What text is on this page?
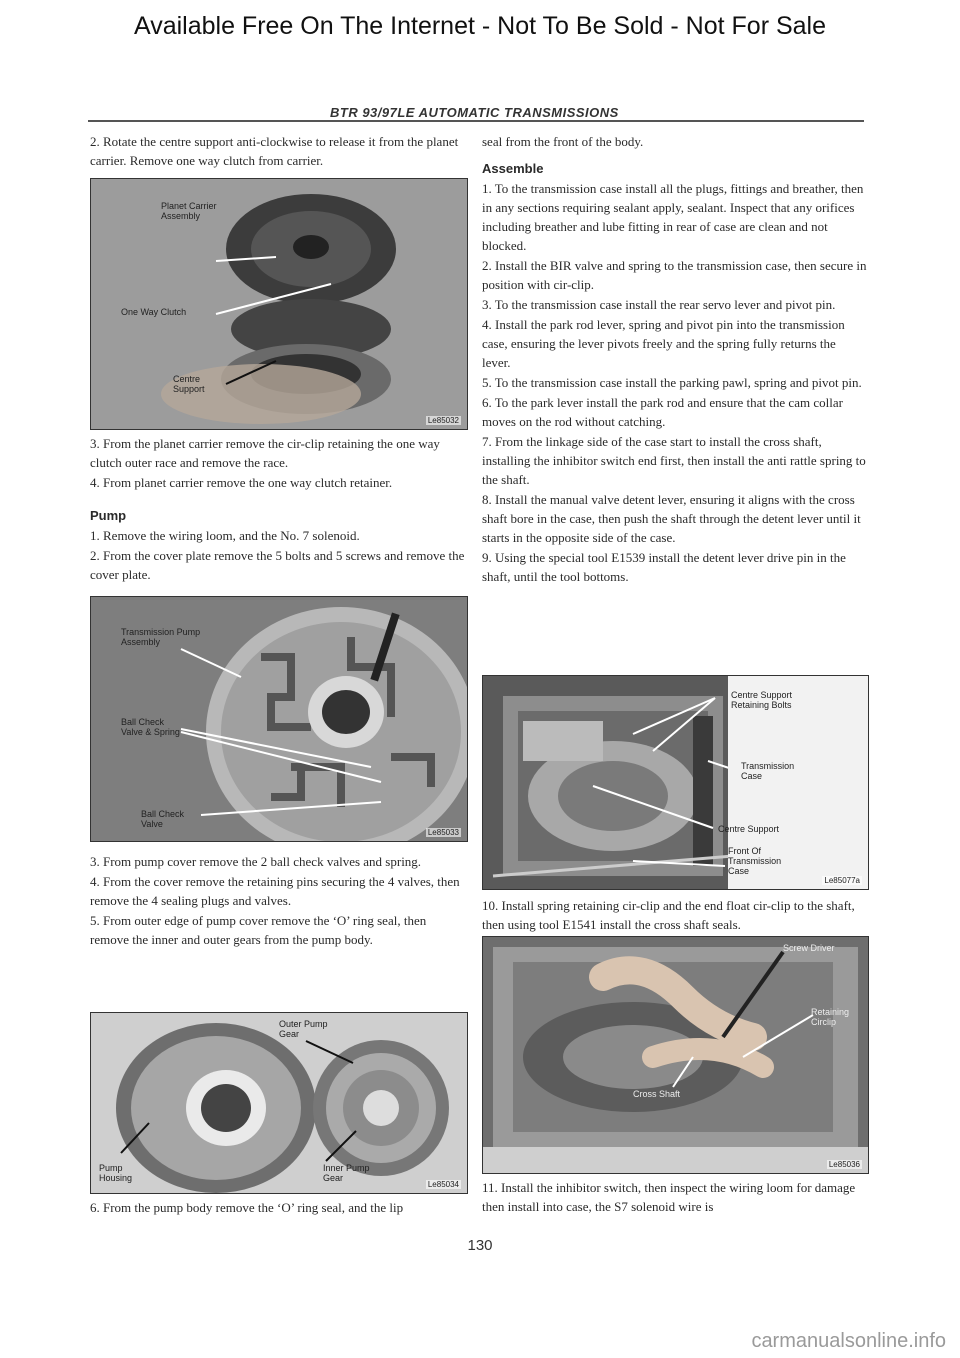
Available Free On The Internet - Not To Be Sold - Not For Sale
BTR 93/97LE AUTOMATIC TRANSMISSIONS

2. Rotate the centre support anti-clockwise to release it from the planet carrier. Remove one way clutch from carrier.

Planet Carrier
Assembly
One Way Clutch
Centre
Support
Le85032

3. From the planet carrier remove the cir-clip retaining the one way clutch outer race and remove the race.

4. From planet carrier remove the one way clutch retainer.

Pump

1. Remove the wiring loom, and the No. 7 solenoid.

2. From the cover plate remove the 5 bolts and 5 screws and remove the cover plate.

Transmission Pump
Assembly
Ball Check
Valve & Spring
Ball Check
Valve
Le85033

3. From pump cover remove the 2 ball check valves and spring.

4. From the cover remove the retaining pins securing the 4 valves, then remove the 4 sealing plugs and valves.

5. From outer edge of pump cover remove the ‘O’ ring seal, then remove the inner and outer gears from the pump body.

Outer Pump
Gear
Pump
Housing
Inner Pump
Gear
Le85034

6. From the pump body remove the ‘O’ ring seal, and the lip

seal from the front of the body.

Assemble

1. To the transmission case install all the plugs, fittings and breather, then in any sections requiring sealant apply, sealant. Inspect that any orifices including breather and lube fitting in rear of case are clean and not blocked.

2. Install the BIR valve and spring to the transmission case, then secure in position with cir-clip.

3. To the transmission case install the rear servo lever and pivot pin.

4. Install the park rod lever, spring and pivot pin into the transmission case, ensuring the lever pivots freely and the spring fully returns the lever.

5. To the transmission case install the parking pawl, spring and pivot pin.

6. To the park lever install the park rod and ensure that the cam collar moves on the rod without catching.

7. From the linkage side of the case start to install the cross shaft, installing the inhibitor switch end first, then install the anti rattle spring to the shaft.

8. Install the manual valve detent lever, ensuring it aligns with the cross shaft bore in the case, then push the shaft through the detent lever until it starts in the opposite side of the case.

9. Using the special tool E1539 install the detent lever drive pin in the shaft, until the tool bottoms.

Centre Support
Retaining Bolts
Transmission
Case
Centre Support
Front Of
Transmission
Case
Le85077a

10. Install spring retaining cir-clip and the end float cir-clip to the shaft, then using tool E1541 install the cross shaft seals.

Screw Driver
Retaining
Circlip
Cross Shaft
Le85036

11. Install the inhibitor switch, then inspect the wiring loom for damage then install into case, the S7 solenoid wire is

130
carmanualsonline.info
